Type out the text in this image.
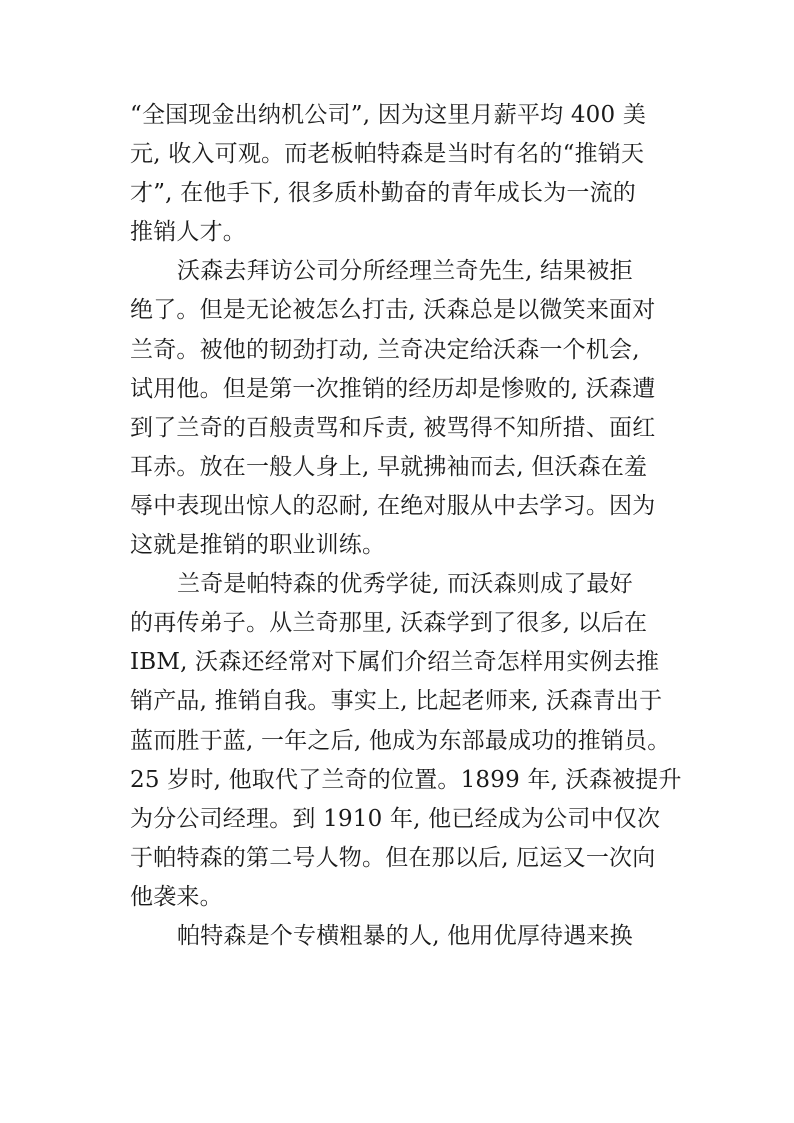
“全国现金出纳机公司”, 因为这里月薪平均 400 美
元, 收入可观。而老板帕特森是当时有名的“推销天
才”, 在他手下, 很多质朴勤奋的青年成长为一流的
推销人才。
沃森去拜访公司分所经理兰奇先生, 结果被拒
绝了。但是无论被怎么打击, 沃森总是以微笑来面对
兰奇。被他的韧劲打动, 兰奇决定给沃森一个机会,
试用他。但是第一次推销的经历却是惨败的, 沃森遭
到了兰奇的百般责骂和斥责, 被骂得不知所措、面红
耳赤。放在一般人身上, 早就拂袖而去, 但沃森在羞
辱中表现出惊人的忍耐, 在绝对服从中去学习。因为
这就是推销的职业训练。
兰奇是帕特森的优秀学徒, 而沃森则成了最好
的再传弟子。从兰奇那里, 沃森学到了很多, 以后在
IBM, 沃森还经常对下属们介绍兰奇怎样用实例去推
销产品, 推销自我。事实上, 比起老师来, 沃森青出于
蓝而胜于蓝, 一年之后, 他成为东部最成功的推销员。
25 岁时, 他取代了兰奇的位置。1899 年, 沃森被提升
为分公司经理。到 1910 年, 他已经成为公司中仅次
于帕特森的第二号人物。但在那以后, 厄运又一次向
他袭来。
帕特森是个专横粗暴的人, 他用优厚待遇来换
